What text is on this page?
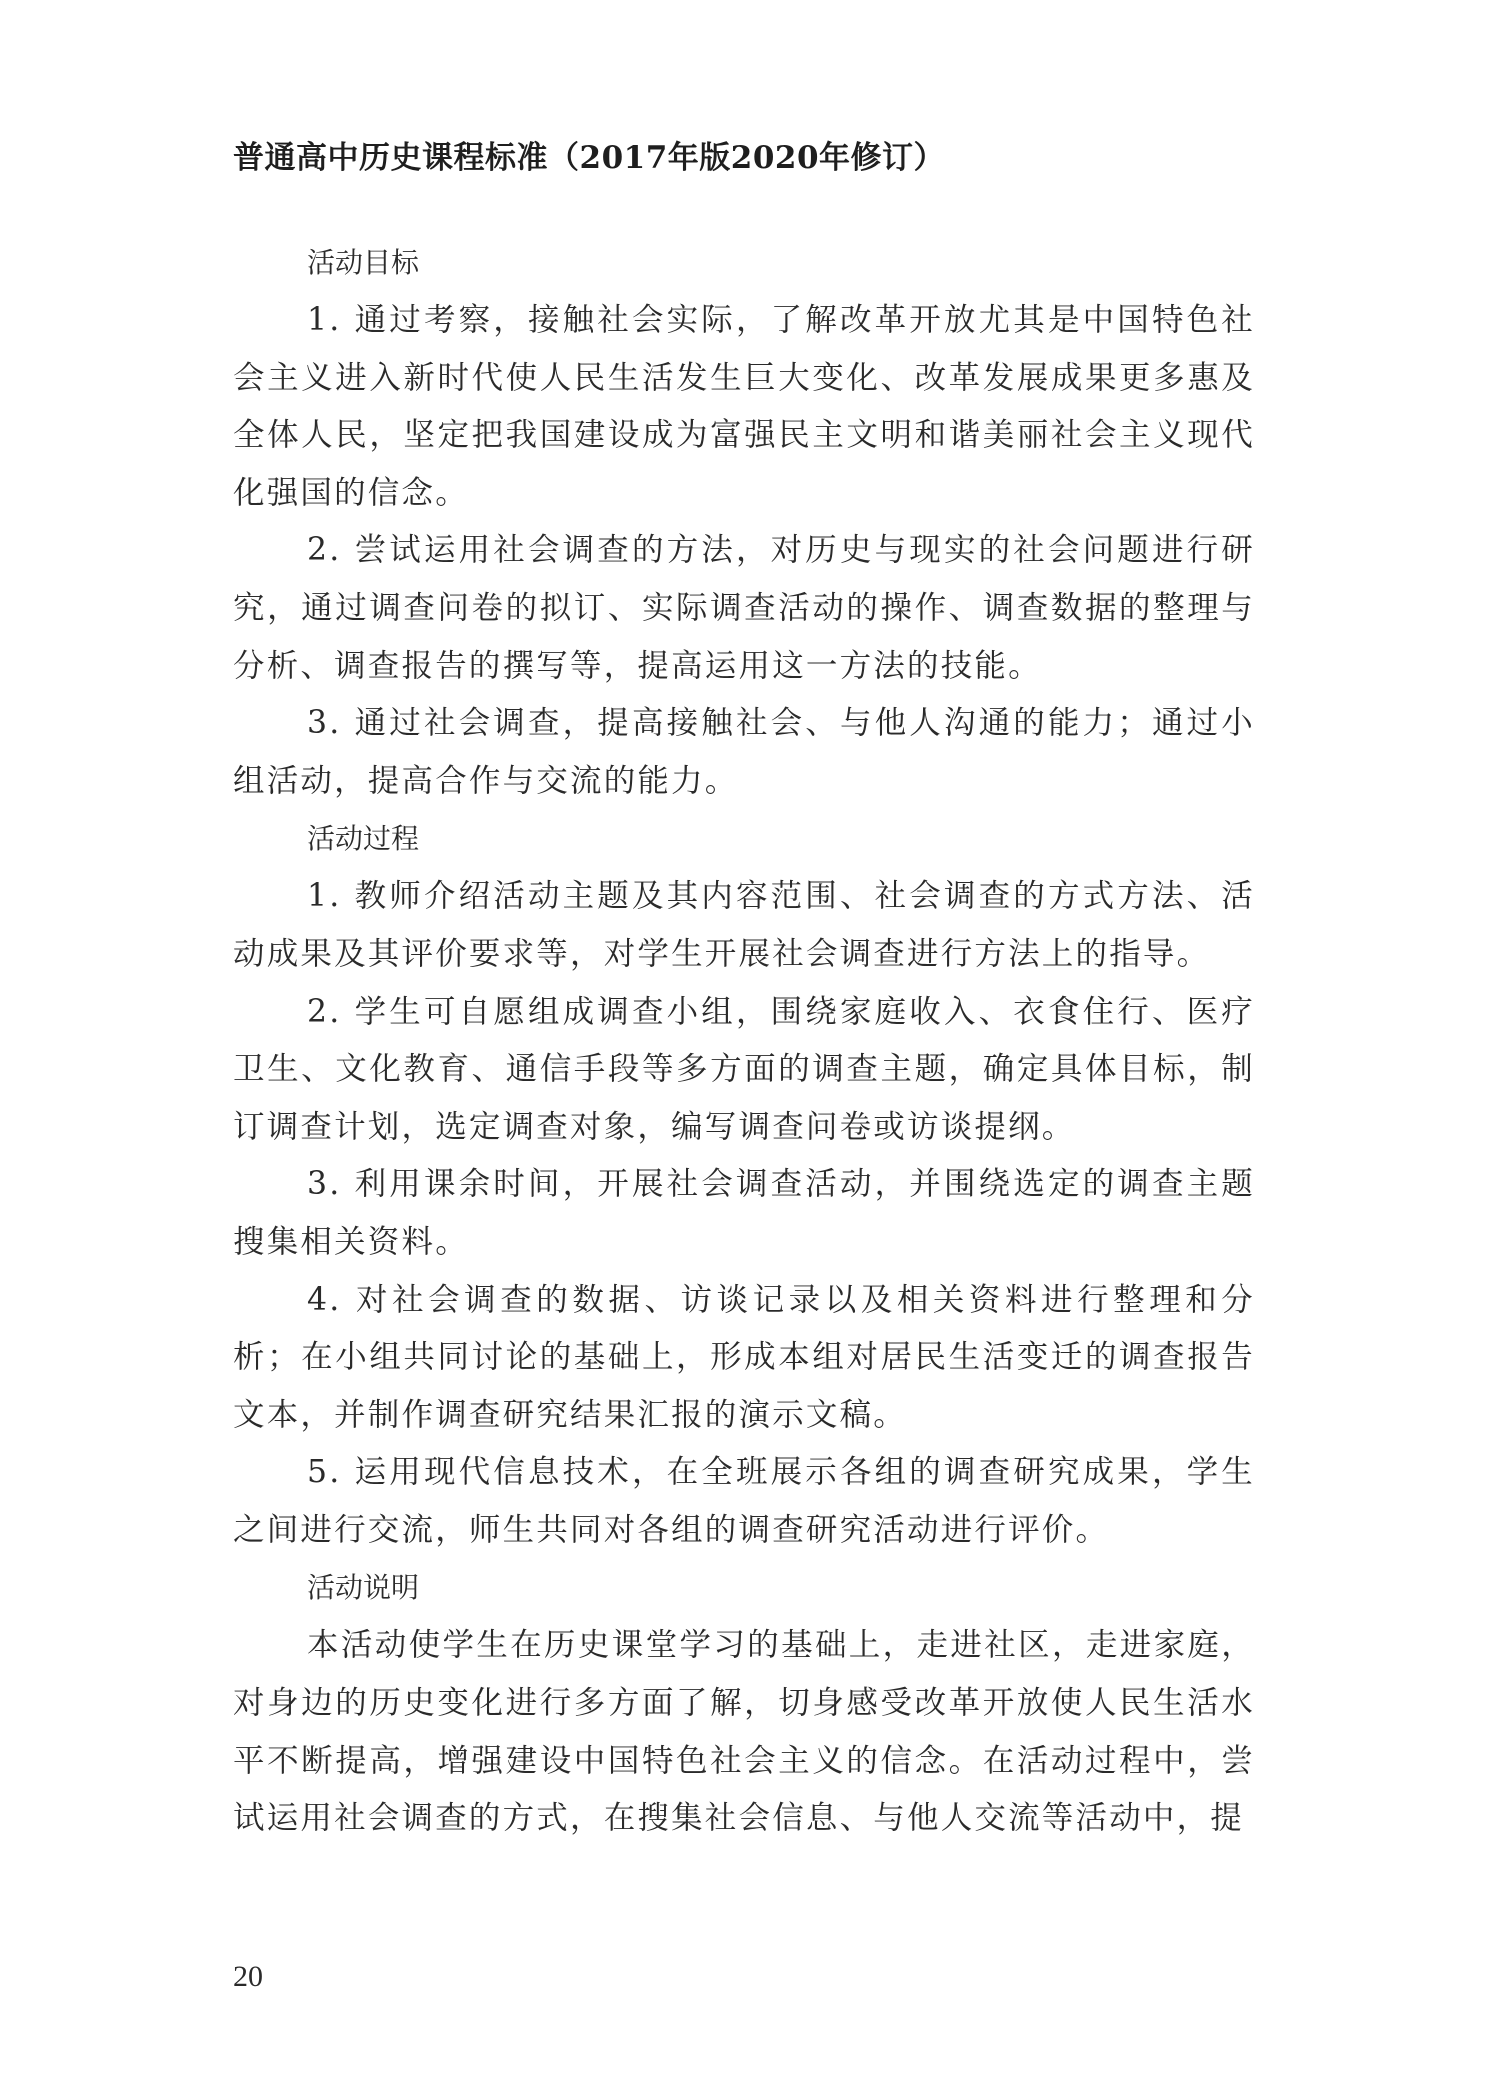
普通高中历史课程标准（2017年版2020年修订）
活动目标

1. 通过考察，接触社会实际，了解改革开放尤其是中国特色社会主义进入新时代使人民生活发生巨大变化、改革发展成果更多惠及全体人民，坚定把我国建设成为富强民主文明和谐美丽社会主义现代化强国的信念。

2. 尝试运用社会调查的方法，对历史与现实的社会问题进行研究，通过调查问卷的拟订、实际调查活动的操作、调查数据的整理与分析、调查报告的撰写等，提高运用这一方法的技能。

3. 通过社会调查，提高接触社会、与他人沟通的能力；通过小组活动，提高合作与交流的能力。

活动过程

1. 教师介绍活动主题及其内容范围、社会调查的方式方法、活动成果及其评价要求等，对学生开展社会调查进行方法上的指导。

2. 学生可自愿组成调查小组，围绕家庭收入、衣食住行、医疗卫生、文化教育、通信手段等多方面的调查主题，确定具体目标，制订调查计划，选定调查对象，编写调查问卷或访谈提纲。

3. 利用课余时间，开展社会调查活动，并围绕选定的调查主题搜集相关资料。

4. 对社会调查的数据、访谈记录以及相关资料进行整理和分析；在小组共同讨论的基础上，形成本组对居民生活变迁的调查报告文本，并制作调查研究结果汇报的演示文稿。

5. 运用现代信息技术，在全班展示各组的调查研究成果，学生之间进行交流，师生共同对各组的调查研究活动进行评价。

活动说明

本活动使学生在历史课堂学习的基础上，走进社区，走进家庭，对身边的历史变化进行多方面了解，切身感受改革开放使人民生活水平不断提高，增强建设中国特色社会主义的信念。在活动过程中，尝试运用社会调查的方式，在搜集社会信息、与他人交流等活动中，提

20
